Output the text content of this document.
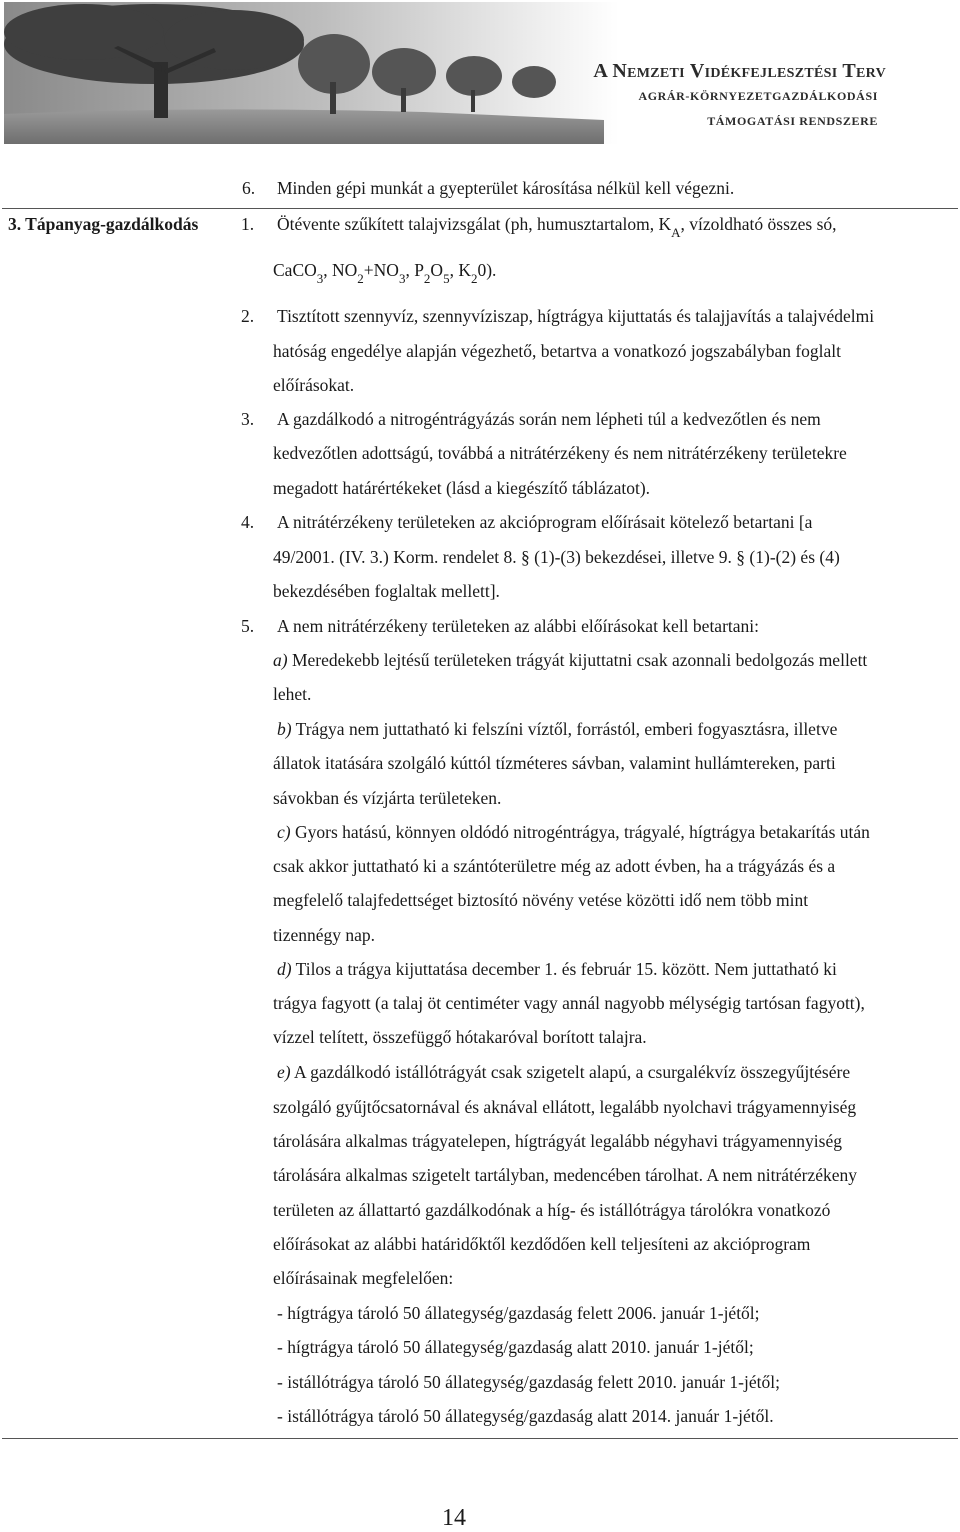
A Nemzeti Vidékfejlesztési Terv
AGRÁR-KÖRNYEZETGAZDÁLKODÁSI
TÁMOGATÁSI RENDSZERE
6. Minden gépi munkát a gyepterület károsítása nélkül kell végezni.
3. Tápanyag-gazdálkodás 1. Ötévente szűkített talajvizsgálat (ph, humusztartalom, $K_A$, vízoldható összes só,
CaCO$_3$, $NO_2+NO_3$, $P_2O_5$, $K_20$).
2. Tisztított szennyvíz, szennyvíziszap, hígtrágya kijuttatás és talajjavítás a talajvédelmi
hatóság engedélye alapján végezhető, betartva a vonatkozó jogszabályban foglalt
előírásokat.
3. A gazdálkodó a nitrogéntrágyázás során nem lépheti túl a kedvezőtlen és nem
kedvezőtlen adottságú, továbbá a nitrátérzékeny és nem nitrátérzékeny területekre
megadott határértékeket (lásd a kiegészítő táblázatot).
4. A nitrátérzékeny területeken az akcióprogram előírásait kötelező betartani [a
49/2001. (IV. 3.) Korm. rendelet 8. § (1)-(3) bekezdései, illetve 9. § (1)-(2) és (4)
bekezdésében foglaltak mellett].
5. A nem nitrátérzékeny területeken az alábbi előírásokat kell betartani:
a) Meredekebb lejtésű területeken trágyát kijuttatni csak azonnali bedolgozás mellett
lehet.
b) Trágya nem juttatható ki felszíni víztől, forrástól, emberi fogyasztásra, illetve
állatok itatására szolgáló kúttól tízméteres sávban, valamint hullámtereken, parti
sávokban és vízjárta területeken.
c) Gyors hatású, könnyen oldódó nitrogéntrágya, trágyalé, hígtrágya betakarítás után
csak akkor juttatható ki a szántóterületre még az adott évben, ha a trágyázás és a
megfelelő talajfedettséget biztosító növény vetése közötti idő nem több mint
tizennégy nap.
d) Tilos a trágya kijuttatása december 1. és február 15. között. Nem juttatható ki
trágya fagyott (a talaj öt centiméter vagy annál nagyobb mélységig tartósan fagyott),
vízzel telített, összefüggő hótakaróval borított talajra.
e) A gazdálkodó istállótrágyát csak szigetelt alapú, a csurgalékvíz összegyűjtésére
szolgáló gyűjtőcsatornával és aknával ellátott, legalább nyolchavi trágyamennyiség
tárolására alkalmas trágyatelepen, hígtrágyát legalább négyhavi trágyamennyiség
tárolására alkalmas szigetelt tartályban, medencében tárolhat. A nem nitrátérzékeny
területen az állattartó gazdálkodónak a híg- és istállótrágya tárolókra vonatkozó
előírásokat az alábbi határidőktől kezdődően kell teljesíteni az akcióprogram
előírásainak megfelelően:
- hígtrágya tároló 50 állategység/gazdaság felett 2006. január 1-jétől;
- hígtrágya tároló 50 állategység/gazdaság alatt 2010. január 1-jétől;
- istállótrágya tároló 50 állategység/gazdaság felett 2010. január 1-jétől;
- istállótrágya tároló 50 állategység/gazdaság alatt 2014. január 1-jétől.
14
